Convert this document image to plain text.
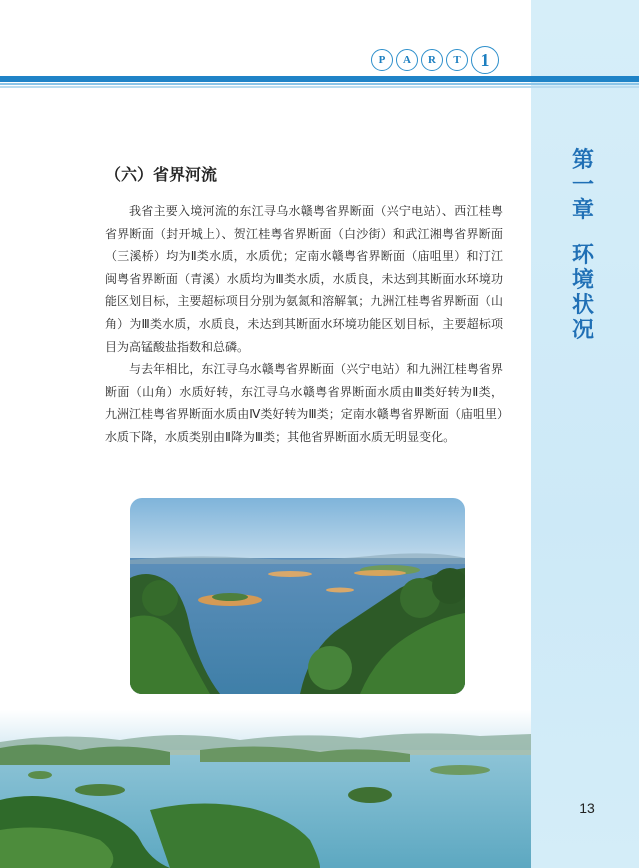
第
一
章
环
境
状
况
P	A	R	T	1
（六）省界河流

我省主要入境河流的东江寻乌水赣粤省界断面（兴宁电站）、西江桂粤省界断面（封开城上）、贺江桂粤省界断面（白沙街）和武江湘粤省界断面（三溪桥）均为Ⅱ类水质，水质优；定南水赣粤省界断面（庙咀里）和汀江闽粤省界断面（青溪）水质均为Ⅲ类水质，水质良，未达到其断面水环境功能区划目标，主要超标项目分别为氨氮和溶解氧；九洲江桂粤省界断面（山角）为Ⅲ类水质，水质良，未达到其断面水环境功能区划目标，主要超标项目为高锰酸盐指数和总磷。

与去年相比，东江寻乌水赣粤省界断面（兴宁电站）和九洲江桂粤省界断面（山角）水质好转，东江寻乌水赣粤省界断面水质由Ⅲ类好转为Ⅱ类，九洲江桂粤省界断面水质由Ⅳ类好转为Ⅲ类；定南水赣粤省界断面（庙咀里）水质下降，水质类别由Ⅱ降为Ⅲ类；其他省界断面水质无明显变化。

13
